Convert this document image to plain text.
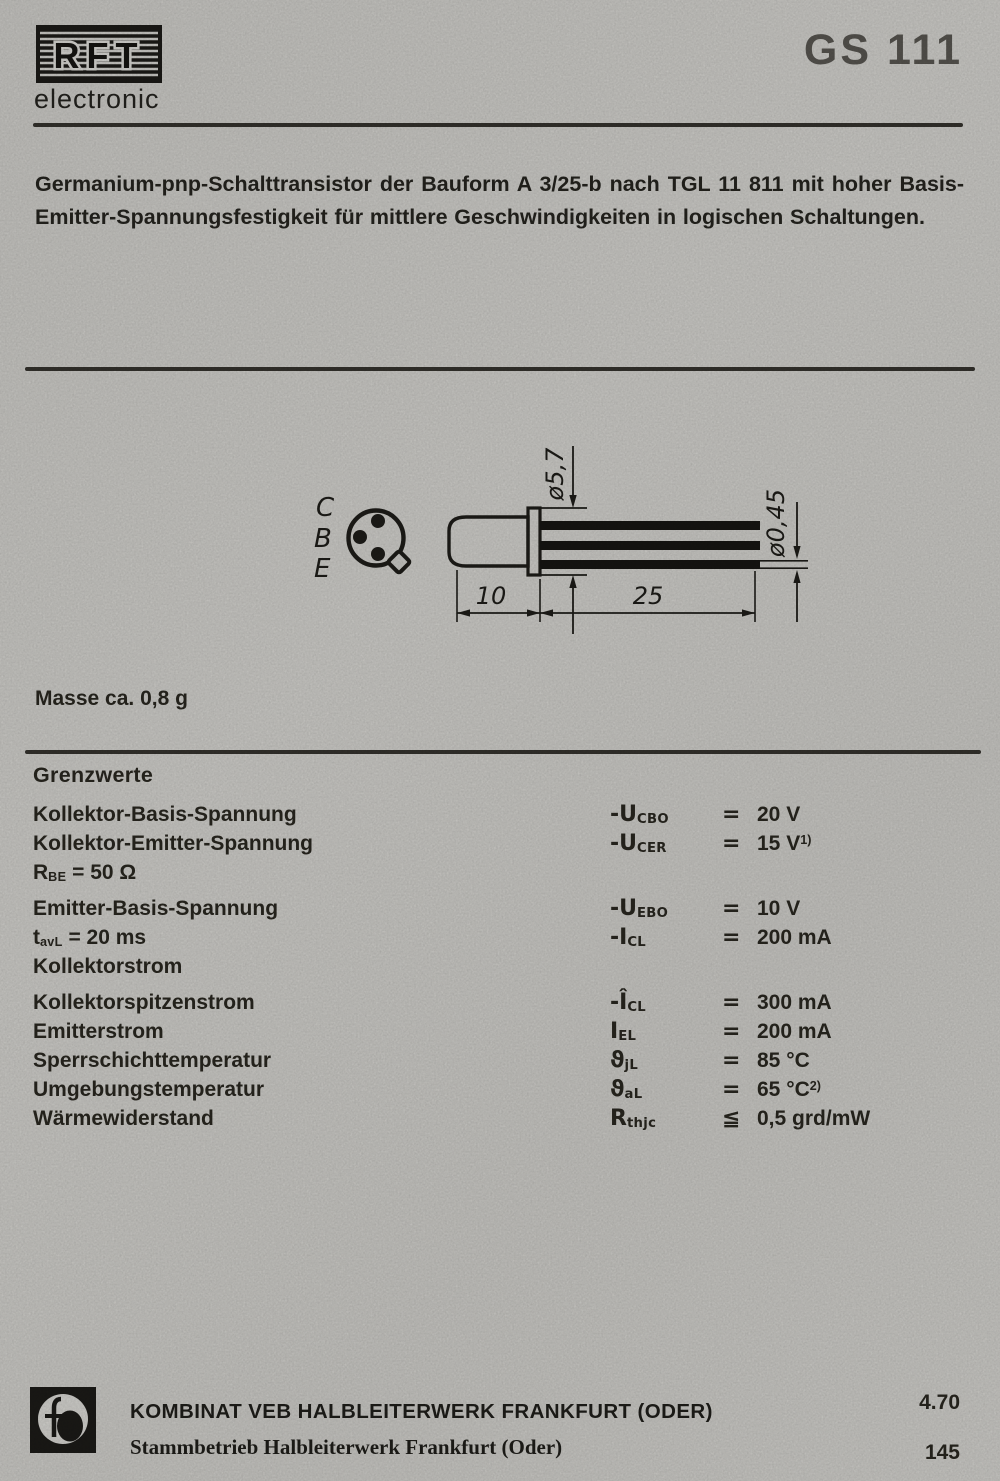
RFT
electronic
GS 111

Germanium-pnp-Schalttransistor der Bauform A 3/25-b nach TGL 11 811 mit hoher Basis-
Emitter-Spannungsfestigkeit für mittlere Geschwindigkeiten in logischen Schaltungen.

C
B
E
ø5,7
ø0,45
10	25
Masse ca. 0,8 g
Grenzwerte
Kollektor-Basis-Spannung	$-U_{CBO}$	= 20 V
Kollektor-Emitter-Spannung	$-U_{CER}$	= 15 $V^{1)}$
$R_{BE} = 50$ Ω
Emitter-Basis-Spannung	$-U_{EBO}$	= 10 V
$t_{avL} = 20$ ms	$-I_{CL}$	= 200 mA
Kollektorstrom
Kollektorspitzenstrom	$-Î_{CL}$	= 300 mA
Emitterstrom	$I_{EL}$	= 200 mA
Sperrschichttemperatur	$ϑ_{jL}$	= 85 °C
Umgebungstemperatur	$ϑ_{aL}$	= 65 $^\circ C^{2)}$
Wärmewiderstand	$R_{thjc}$	≦ 0,5 grd/mW
KOMBINAT VEB HALBLEITERWERK FRANKFURT (ODER)
Stammbetrieb Halbleiterwerk Frankfurt (Oder)
4.70
145
